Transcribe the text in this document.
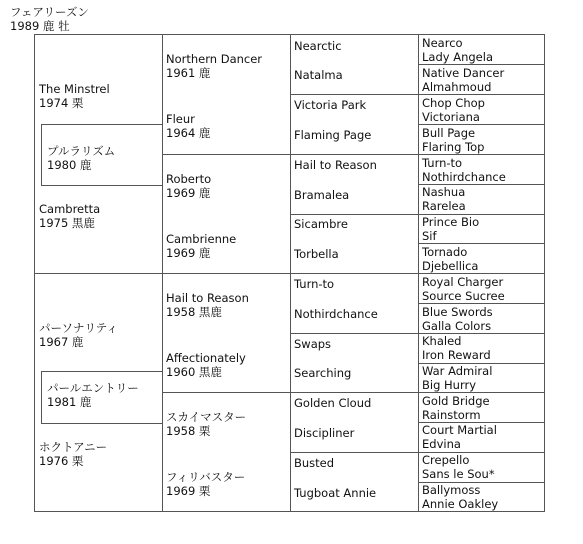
フェアリーズン
1989 鹿 牡
The Minstrel
1974 栗
プルラリズム
1980 鹿
Cambretta
1975 黒鹿
パーソナリティ
1967 鹿
パールエントリー
1981 鹿
ホクトアニー
1976 栗
Northern Dancer
1961 鹿
Fleur
1964 鹿
Roberto
1969 鹿
Cambrienne
1969 鹿
Hail to Reason
1958 黒鹿
Affectionately
1960 黒鹿
スカイマスター
1958 栗
フィリバスター
1969 栗
Nearctic
Natalma
Victoria Park
Flaming Page
Hail to Reason
Bramalea
Sicambre
Torbella
Turn-to
Nothirdchance
Swaps
Searching
Golden Cloud
Discipliner
Busted
Tugboat Annie
Nearco
Lady Angela
Native Dancer
Almahmoud
Chop Chop
Victoriana
Bull Page
Flaring Top
Turn-to
Nothirdchance
Nashua
Rarelea
Prince Bio
Sif
Tornado
Djebellica
Royal Charger
Source Sucree
Blue Swords
Galla Colors
Khaled
Iron Reward
War Admiral
Big Hurry
Gold Bridge
Rainstorm
Court Martial
Edvina
Crepello
Sans le Sou*
Ballymoss
Annie Oakley
